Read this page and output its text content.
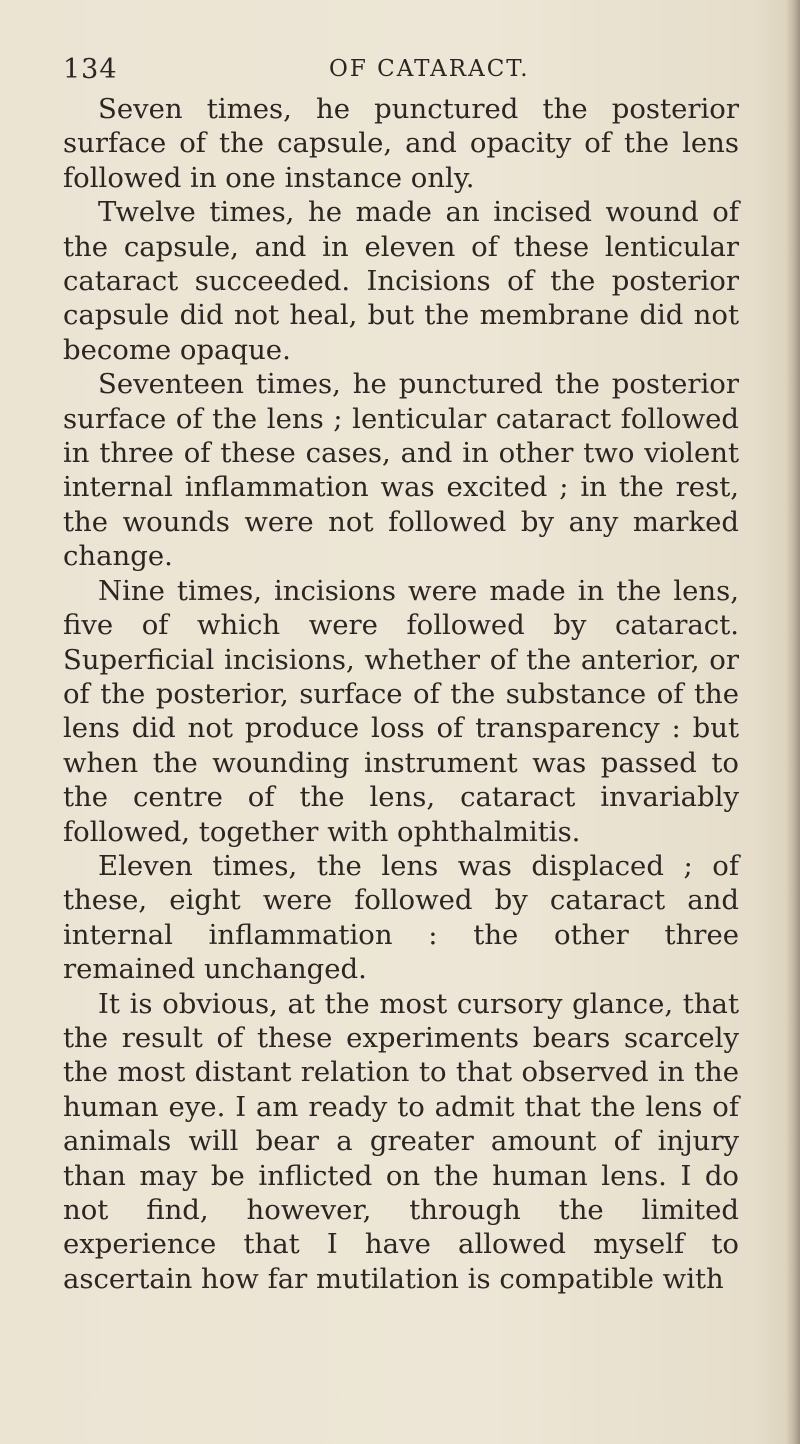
134	OF CATARACT.

Seven times, he punctured the posterior surface of the capsule, and opacity of the lens followed in one instance only.

Twelve times, he made an incised wound of the capsule, and in eleven of these lenticular cataract succeeded. Incisions of the posterior capsule did not heal, but the membrane did not become opaque.

Seventeen times, he punctured the posterior surface of the lens ; lenticular cataract followed in three of these cases, and in other two violent internal inflammation was excited ; in the rest, the wounds were not followed by any marked change.

Nine times, incisions were made in the lens, five of which were followed by cataract. Superficial incisions, whether of the anterior, or of the posterior, surface of the substance of the lens did not produce loss of transparency : but when the wounding instrument was passed to the centre of the lens, cataract invariably followed, together with ophthalmitis.

Eleven times, the lens was displaced ; of these, eight were followed by cataract and internal inflammation : the other three remained unchanged.

It is obvious, at the most cursory glance, that the result of these experiments bears scarcely the most distant relation to that observed in the human eye. I am ready to admit that the lens of animals will bear a greater amount of injury than may be inflicted on the human lens. I do not find, however, through the limited experience that I have allowed myself to ascertain how far mutilation is compatible with
